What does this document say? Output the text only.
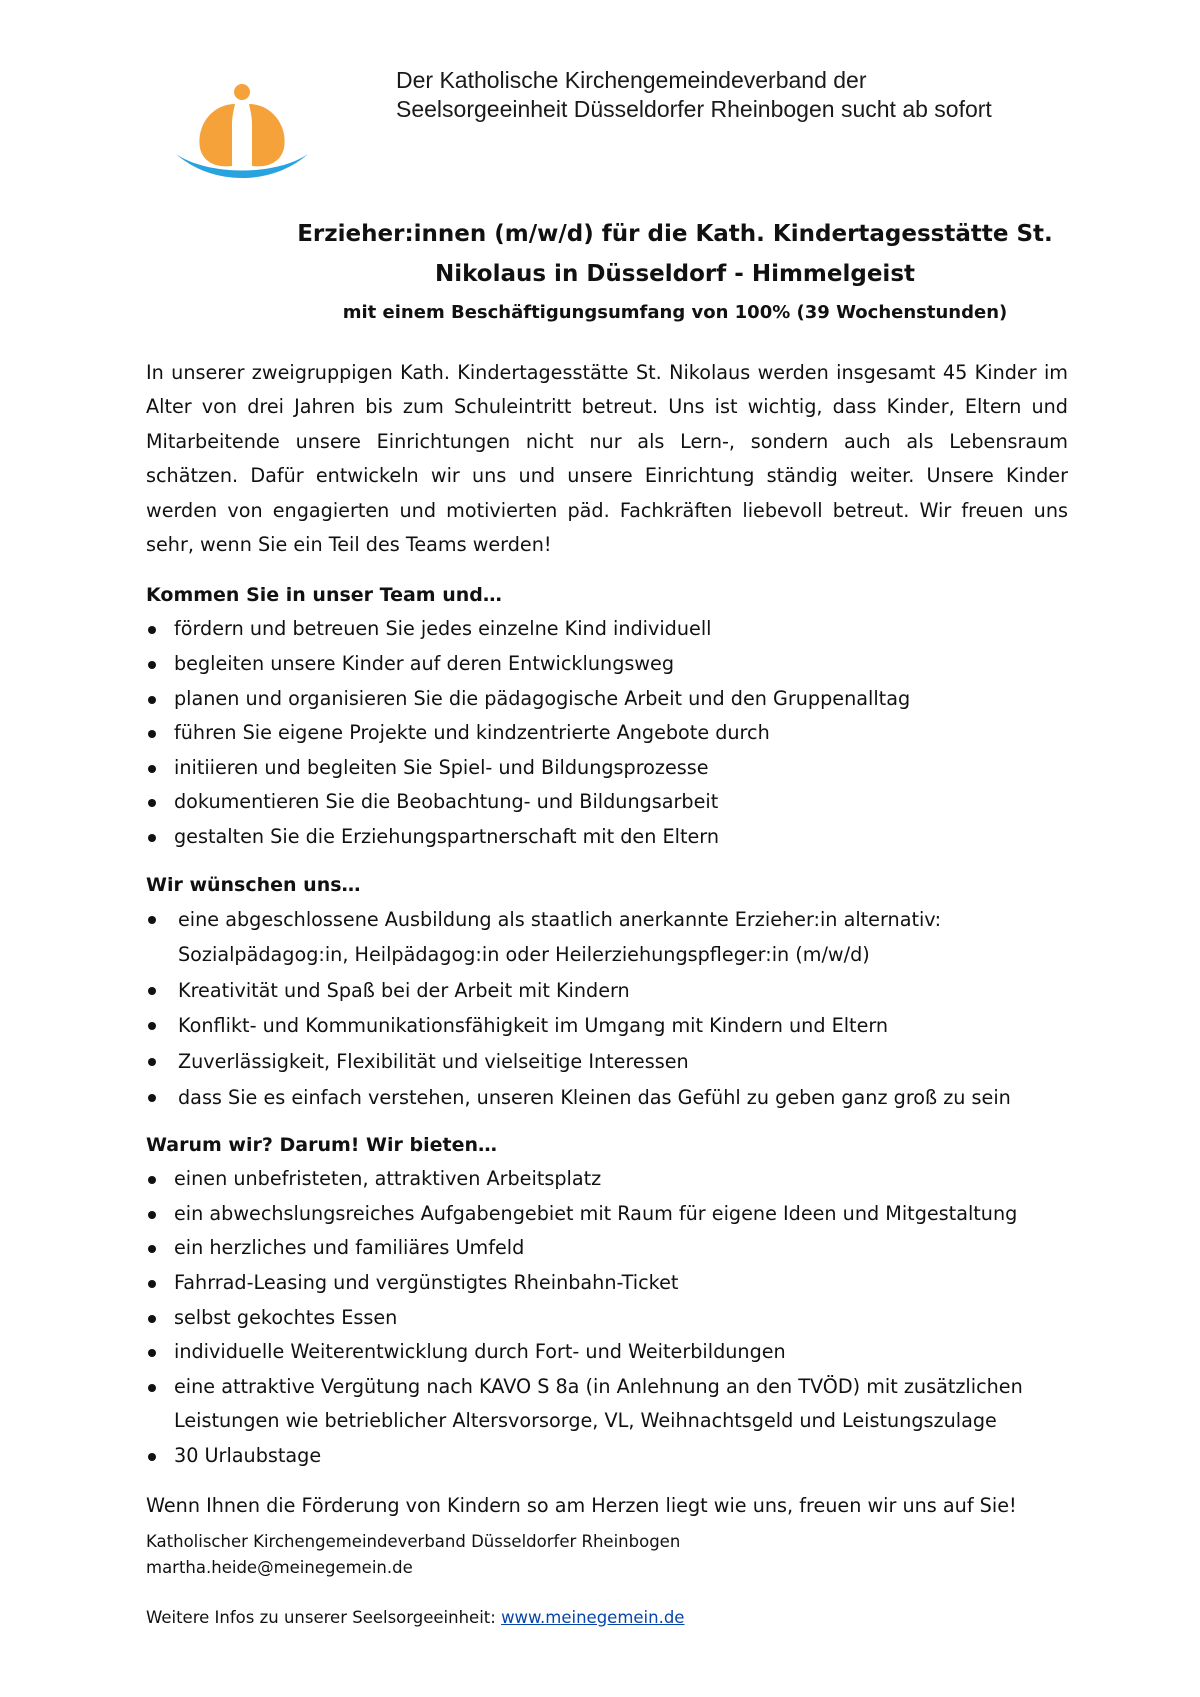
Der Katholische Kirchengemeindeverband der
Seelsorgeeinheit Düsseldorfer Rheinbogen sucht ab sofort
Erzieher:innen (m/w/d) für die Kath. Kindertagesstätte St.
Nikolaus in Düsseldorf - Himmelgeist
mit einem Beschäftigungsumfang von 100% (39 Wochenstunden)

In unserer zweigruppigen Kath. Kindertagesstätte St. Nikolaus werden insgesamt 45 Kinder im Alter von drei Jahren bis zum Schuleintritt betreut. Uns ist wichtig, dass Kinder, Eltern und Mitarbeitende unsere Einrichtungen nicht nur als Lern-, sondern auch als Lebensraum schätzen. Dafür entwickeln wir uns und unsere Einrichtung ständig weiter. Unsere Kinder werden von engagierten und motivierten päd. Fachkräften liebevoll betreut. Wir freuen uns sehr, wenn Sie ein Teil des Teams werden!

Kommen Sie in unser Team und…
fördern und betreuen Sie jedes einzelne Kind individuell
begleiten unsere Kinder auf deren Entwicklungsweg
planen und organisieren Sie die pädagogische Arbeit und den Gruppenalltag
führen Sie eigene Projekte und kindzentrierte Angebote durch
initiieren und begleiten Sie Spiel- und Bildungsprozesse
dokumentieren Sie die Beobachtung- und Bildungsarbeit
gestalten Sie die Erziehungspartnerschaft mit den Eltern
Wir wünschen uns…
eine abgeschlossene Ausbildung als staatlich anerkannte Erzieher:in alternativ:
Sozialpädagog:in, Heilpädagog:in oder Heilerziehungspfleger:in (m/w/d)
Kreativität und Spaß bei der Arbeit mit Kindern
Konflikt- und Kommunikationsfähigkeit im Umgang mit Kindern und Eltern
Zuverlässigkeit, Flexibilität und vielseitige Interessen
dass Sie es einfach verstehen, unseren Kleinen das Gefühl zu geben ganz groß zu sein
Warum wir? Darum! Wir bieten…
einen unbefristeten, attraktiven Arbeitsplatz
ein abwechslungsreiches Aufgabengebiet mit Raum für eigene Ideen und Mitgestaltung
ein herzliches und familiäres Umfeld
Fahrrad-Leasing und vergünstigtes Rheinbahn-Ticket
selbst gekochtes Essen
individuelle Weiterentwicklung durch Fort- und Weiterbildungen
eine attraktive Vergütung nach KAVO S 8a (in Anlehnung an den TVÖD) mit zusätzlichen
Leistungen wie betrieblicher Altersvorsorge, VL, Weihnachtsgeld und Leistungszulage
30 Urlaubstage

Wenn Ihnen die Förderung von Kindern so am Herzen liegt wie uns, freuen wir uns auf Sie!

Katholischer Kirchengemeindeverband Düsseldorfer Rheinbogen
martha.heide@meinegemein.de
Weitere Infos zu unserer Seelsorgeeinheit: www.meinegemein.de
